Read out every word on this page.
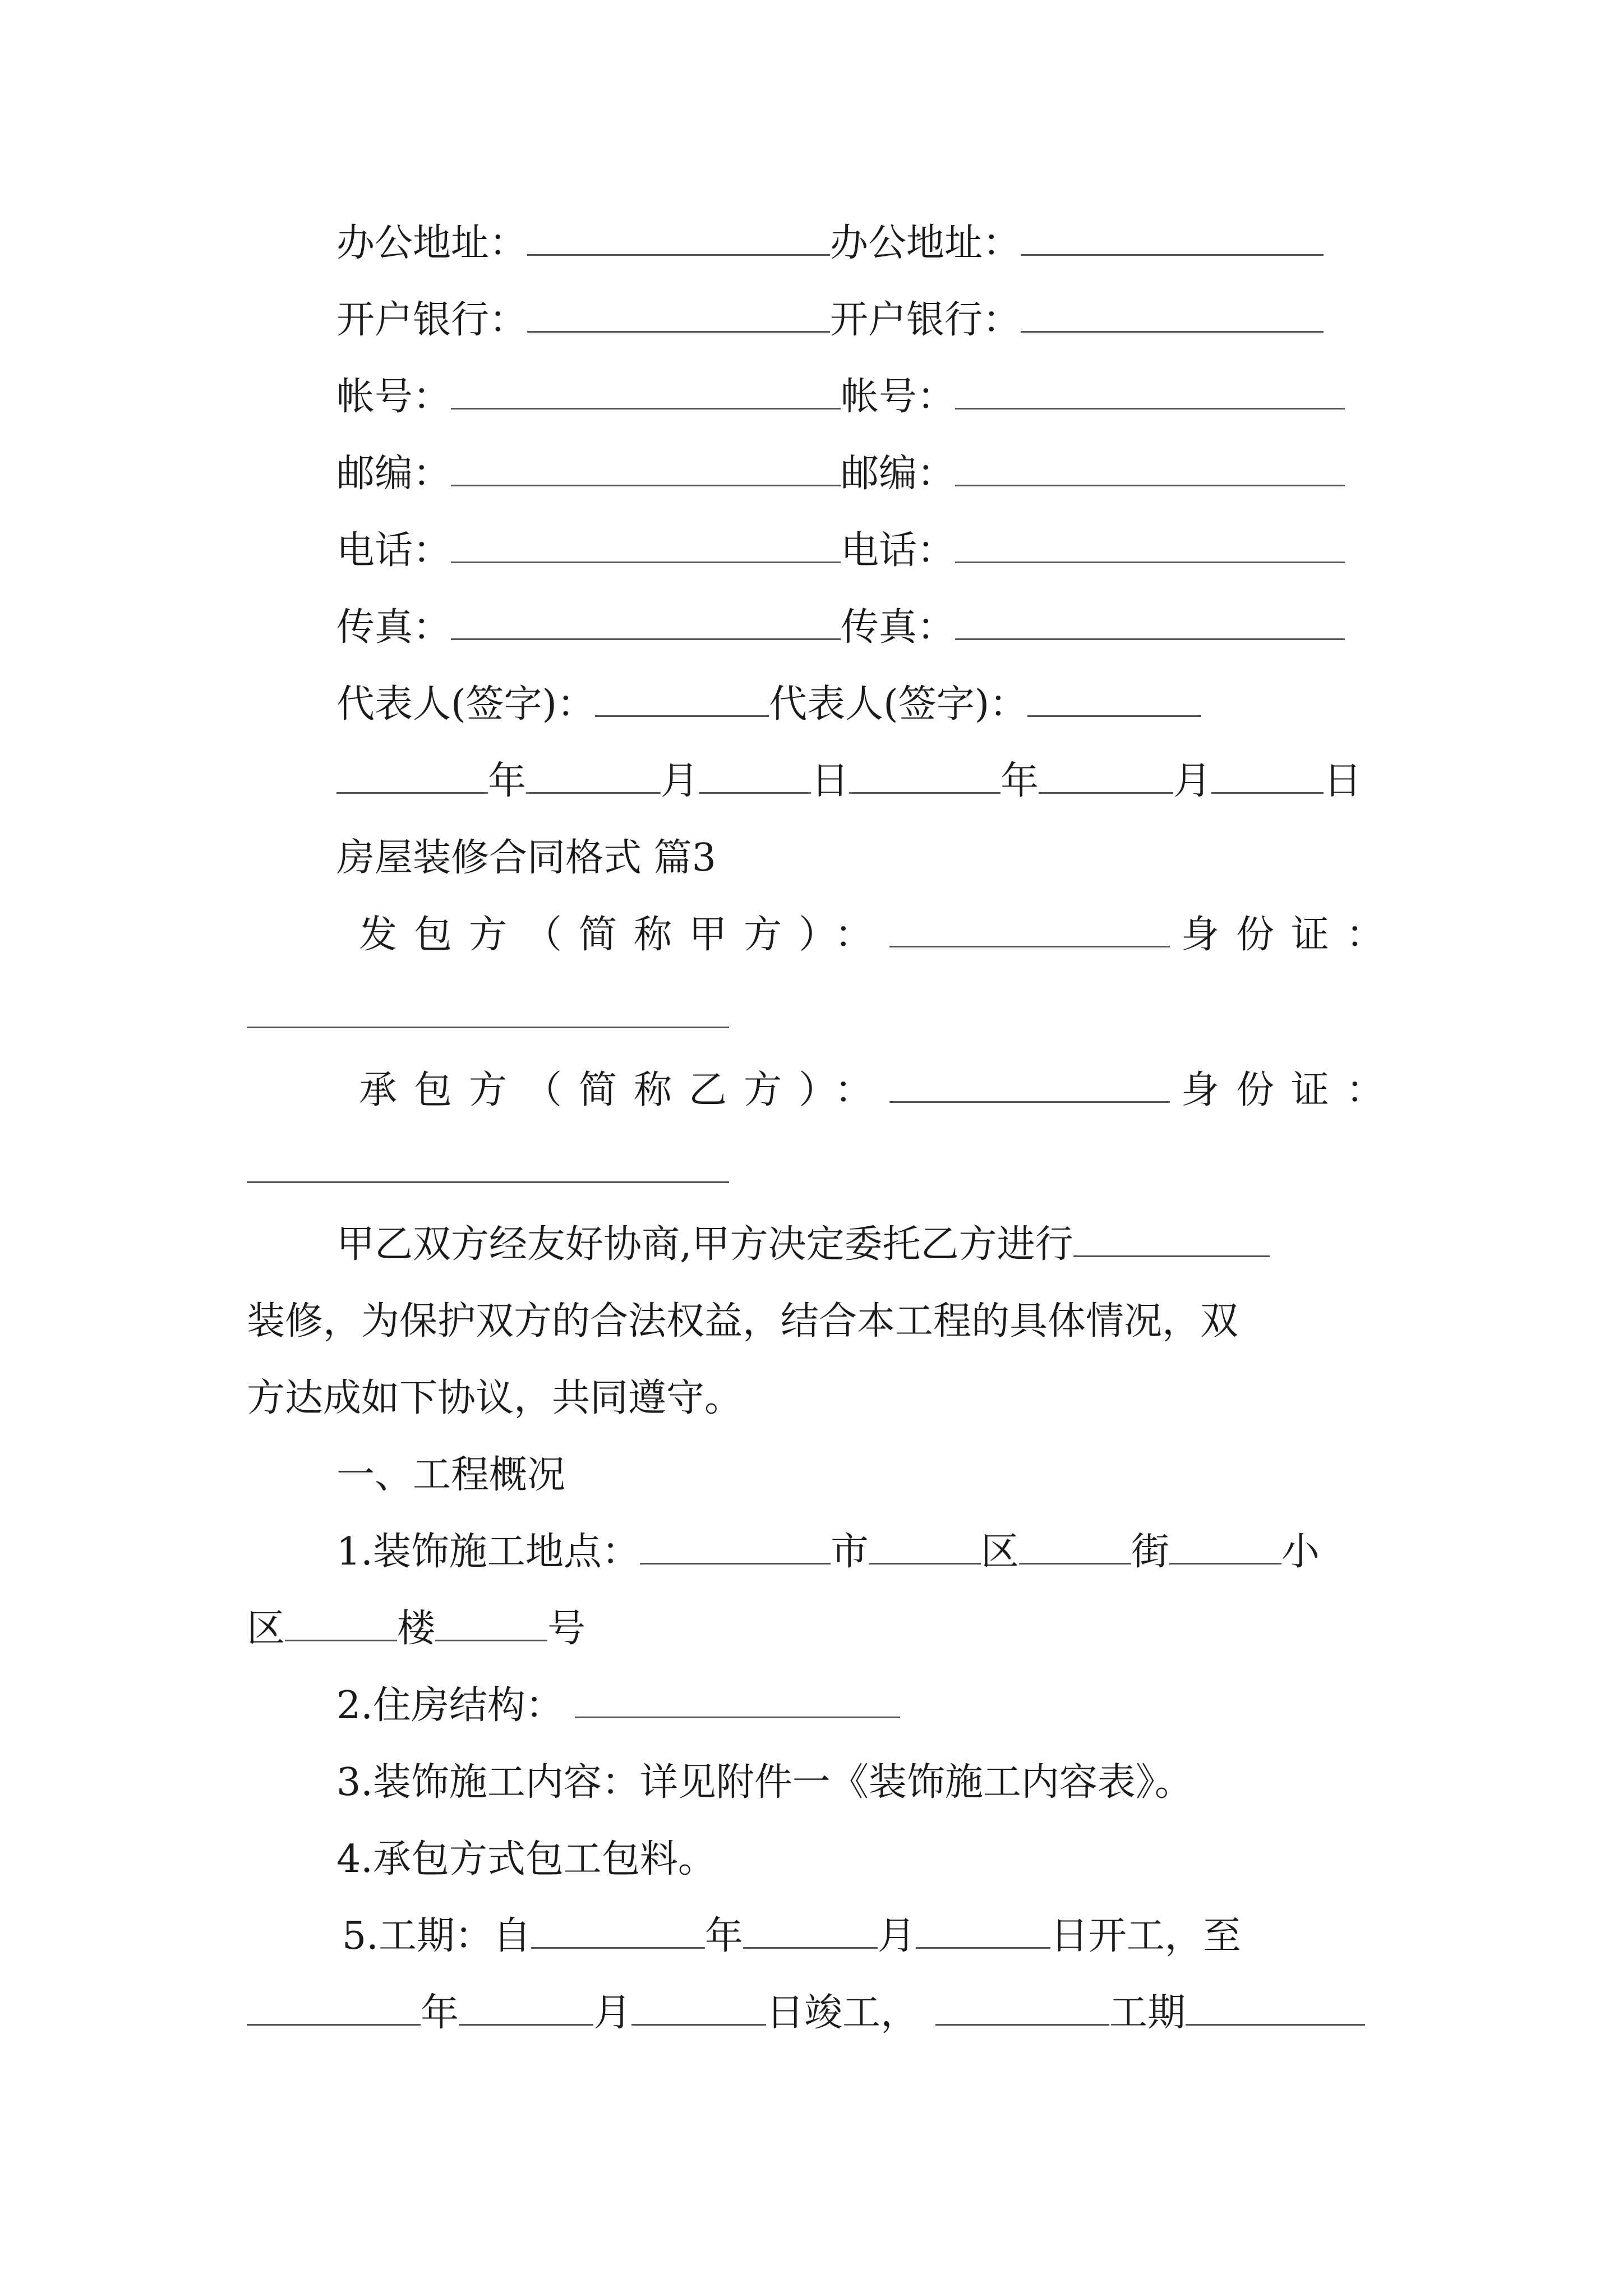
办公地址：	办公地址：
开户银行：	开户银行：
帐号：	帐号：
邮编：	邮编：
电话：	电话：
传真：	传真：
代表人(签字)：	代表人(签字)：
年	月	日	年	月	日
房屋装修合同格式 篇3
发包方（简称甲方）：	身份证：
承包方（简称乙方）：	身份证：
甲乙双方经友好协商,甲方决定委托乙方进行
装修，为保护双方的合法权益，结合本工程的具体情况，双
方达成如下协议，共同遵守。
一、工程概况
1.装饰施工地点：	市	区	街	小
区	楼	号
2.住房结构：
3.装饰施工内容：详见附件一《装饰施工内容表》。
4.承包方式包工包料。
5.工期：自	年	月	日开工，至
年	月	日竣工，	工期
